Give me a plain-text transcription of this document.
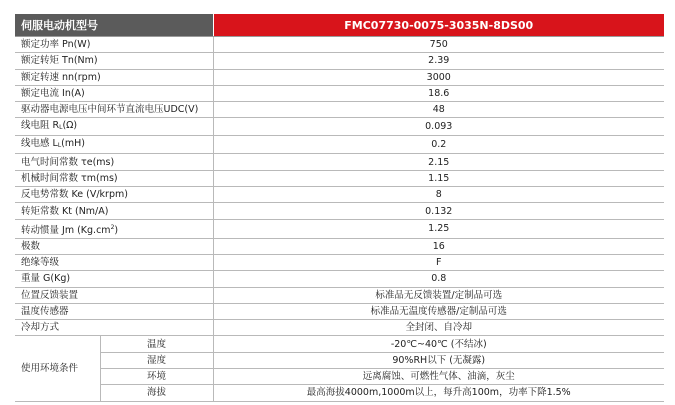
伺服电动机型号		FMC07730-0075-3035N-8DS00
额定功率 Pn(W)		750
额定转矩 Tn(Nm)		2.39
额定转速 nn(rpm)		3000
额定电流 In(A)		18.6
驱动器电源电压中间环节直流电压UDC(V)		48
线电阻 $R_L(\Omega)$		0.093
线电感 $L_L(mH)$		0.2
电气时间常数 τe(ms)		2.15
机械时间常数 τm(ms)		1.15
反电势常数 Ke (V/krpm)		8
转矩常数 Kt (Nm/A)		0.132
转动惯量 Jm $(Kg.cm^2)$		1.25
极数		16
绝缘等级		F
重量 G(Kg)		0.8
位置反馈装置		标准品无反馈装置/定制品可选
温度传感器		标准品无温度传感器/定制品可选
冷却方式		全封闭、自冷却
使用环境条件	温度	-20℃~40℃ (不结冰)
	湿度	90%RH以下 (无凝露)
	环境	远离腐蚀、可燃性气体、油滴，灰尘
	海拔	最高海拔4000m,1000m以上，每升高100m，功率下降1.5%
